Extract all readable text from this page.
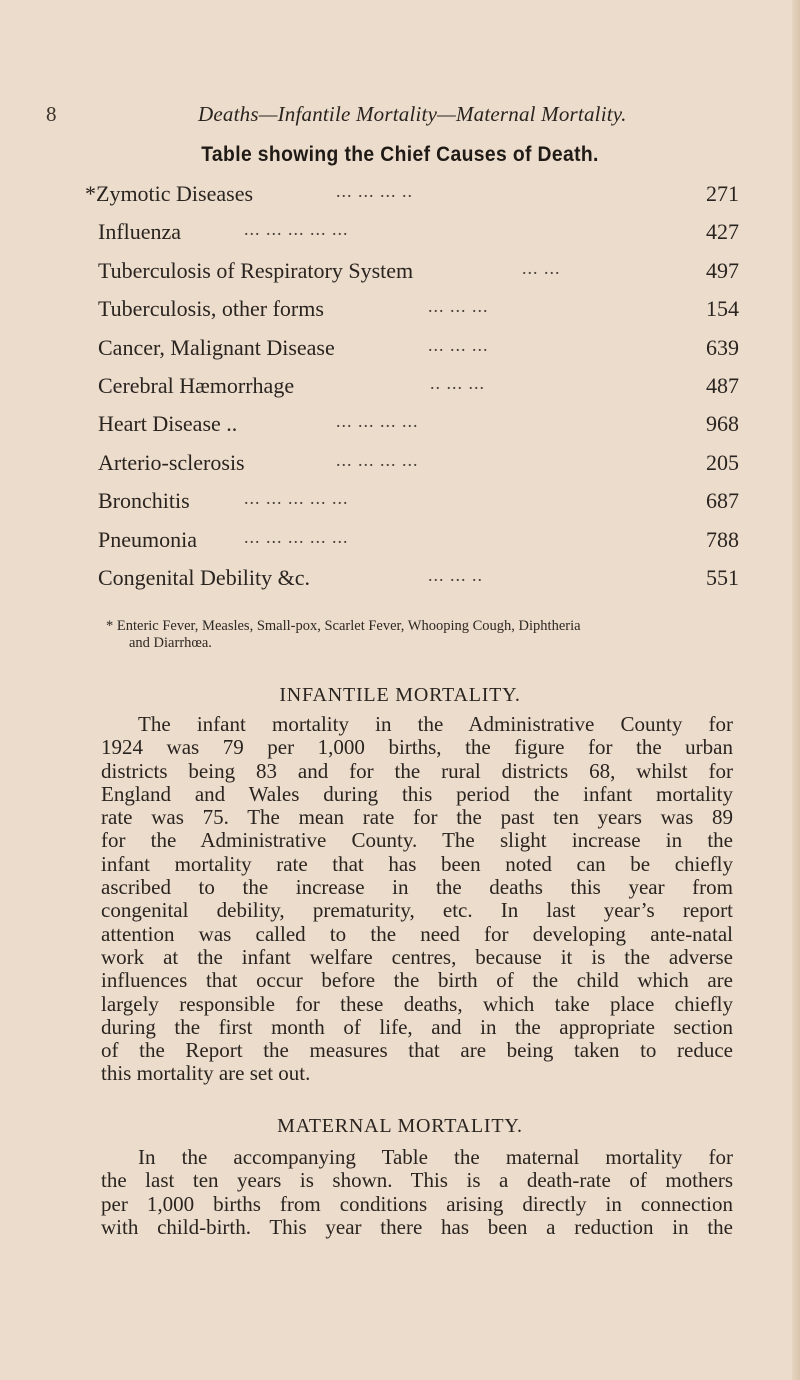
8	Deaths—Infantile Mortality—Maternal Mortality.
Table showing the Chief Causes of Death.
*Zymotic Diseases	... ... ... ..	271
Influenza	... ... ... ... ...	427
Tuberculosis of Respiratory System	... ...	497
Tuberculosis, other forms	... ... ...	154
Cancer, Malignant Disease	... ... ...	639
Cerebral Hæmorrhage	.. ... ...	487
Heart Disease ..	... ... ... ...	968
Arterio-sclerosis	... ... ... ...	205
Bronchitis	... ... ... ... ...	687
Pneumonia	... ... ... ... ...	788
Congenital Debility &c.	... ... ..	551
* Enteric Fever, Measles, Small-pox, Scarlet Fever, Whooping Cough, Diphtheria
and Diarrhœa.
INFANTILE MORTALITY.
The infant mortality in the Administrative County for
1924 was 79 per 1,000 births, the figure for the urban
districts being 83 and for the rural districts 68, whilst for
England and Wales during this period the infant mortality
rate was 75. The mean rate for the past ten years was 89
for the Administrative County. The slight increase in the
infant mortality rate that has been noted can be chiefly
ascribed to the increase in the deaths this year from
congenital debility, prematurity, etc. In last year’s report
attention was called to the need for developing ante-natal
work at the infant welfare centres, because it is the adverse
influences that occur before the birth of the child which are
largely responsible for these deaths, which take place chiefly
during the first month of life, and in the appropriate section
of the Report the measures that are being taken to reduce
this mortality are set out.
MATERNAL MORTALITY.
In the accompanying Table the maternal mortality for
the last ten years is shown. This is a death-rate of mothers
per 1,000 births from conditions arising directly in connection
with child-birth. This year there has been a reduction in the
